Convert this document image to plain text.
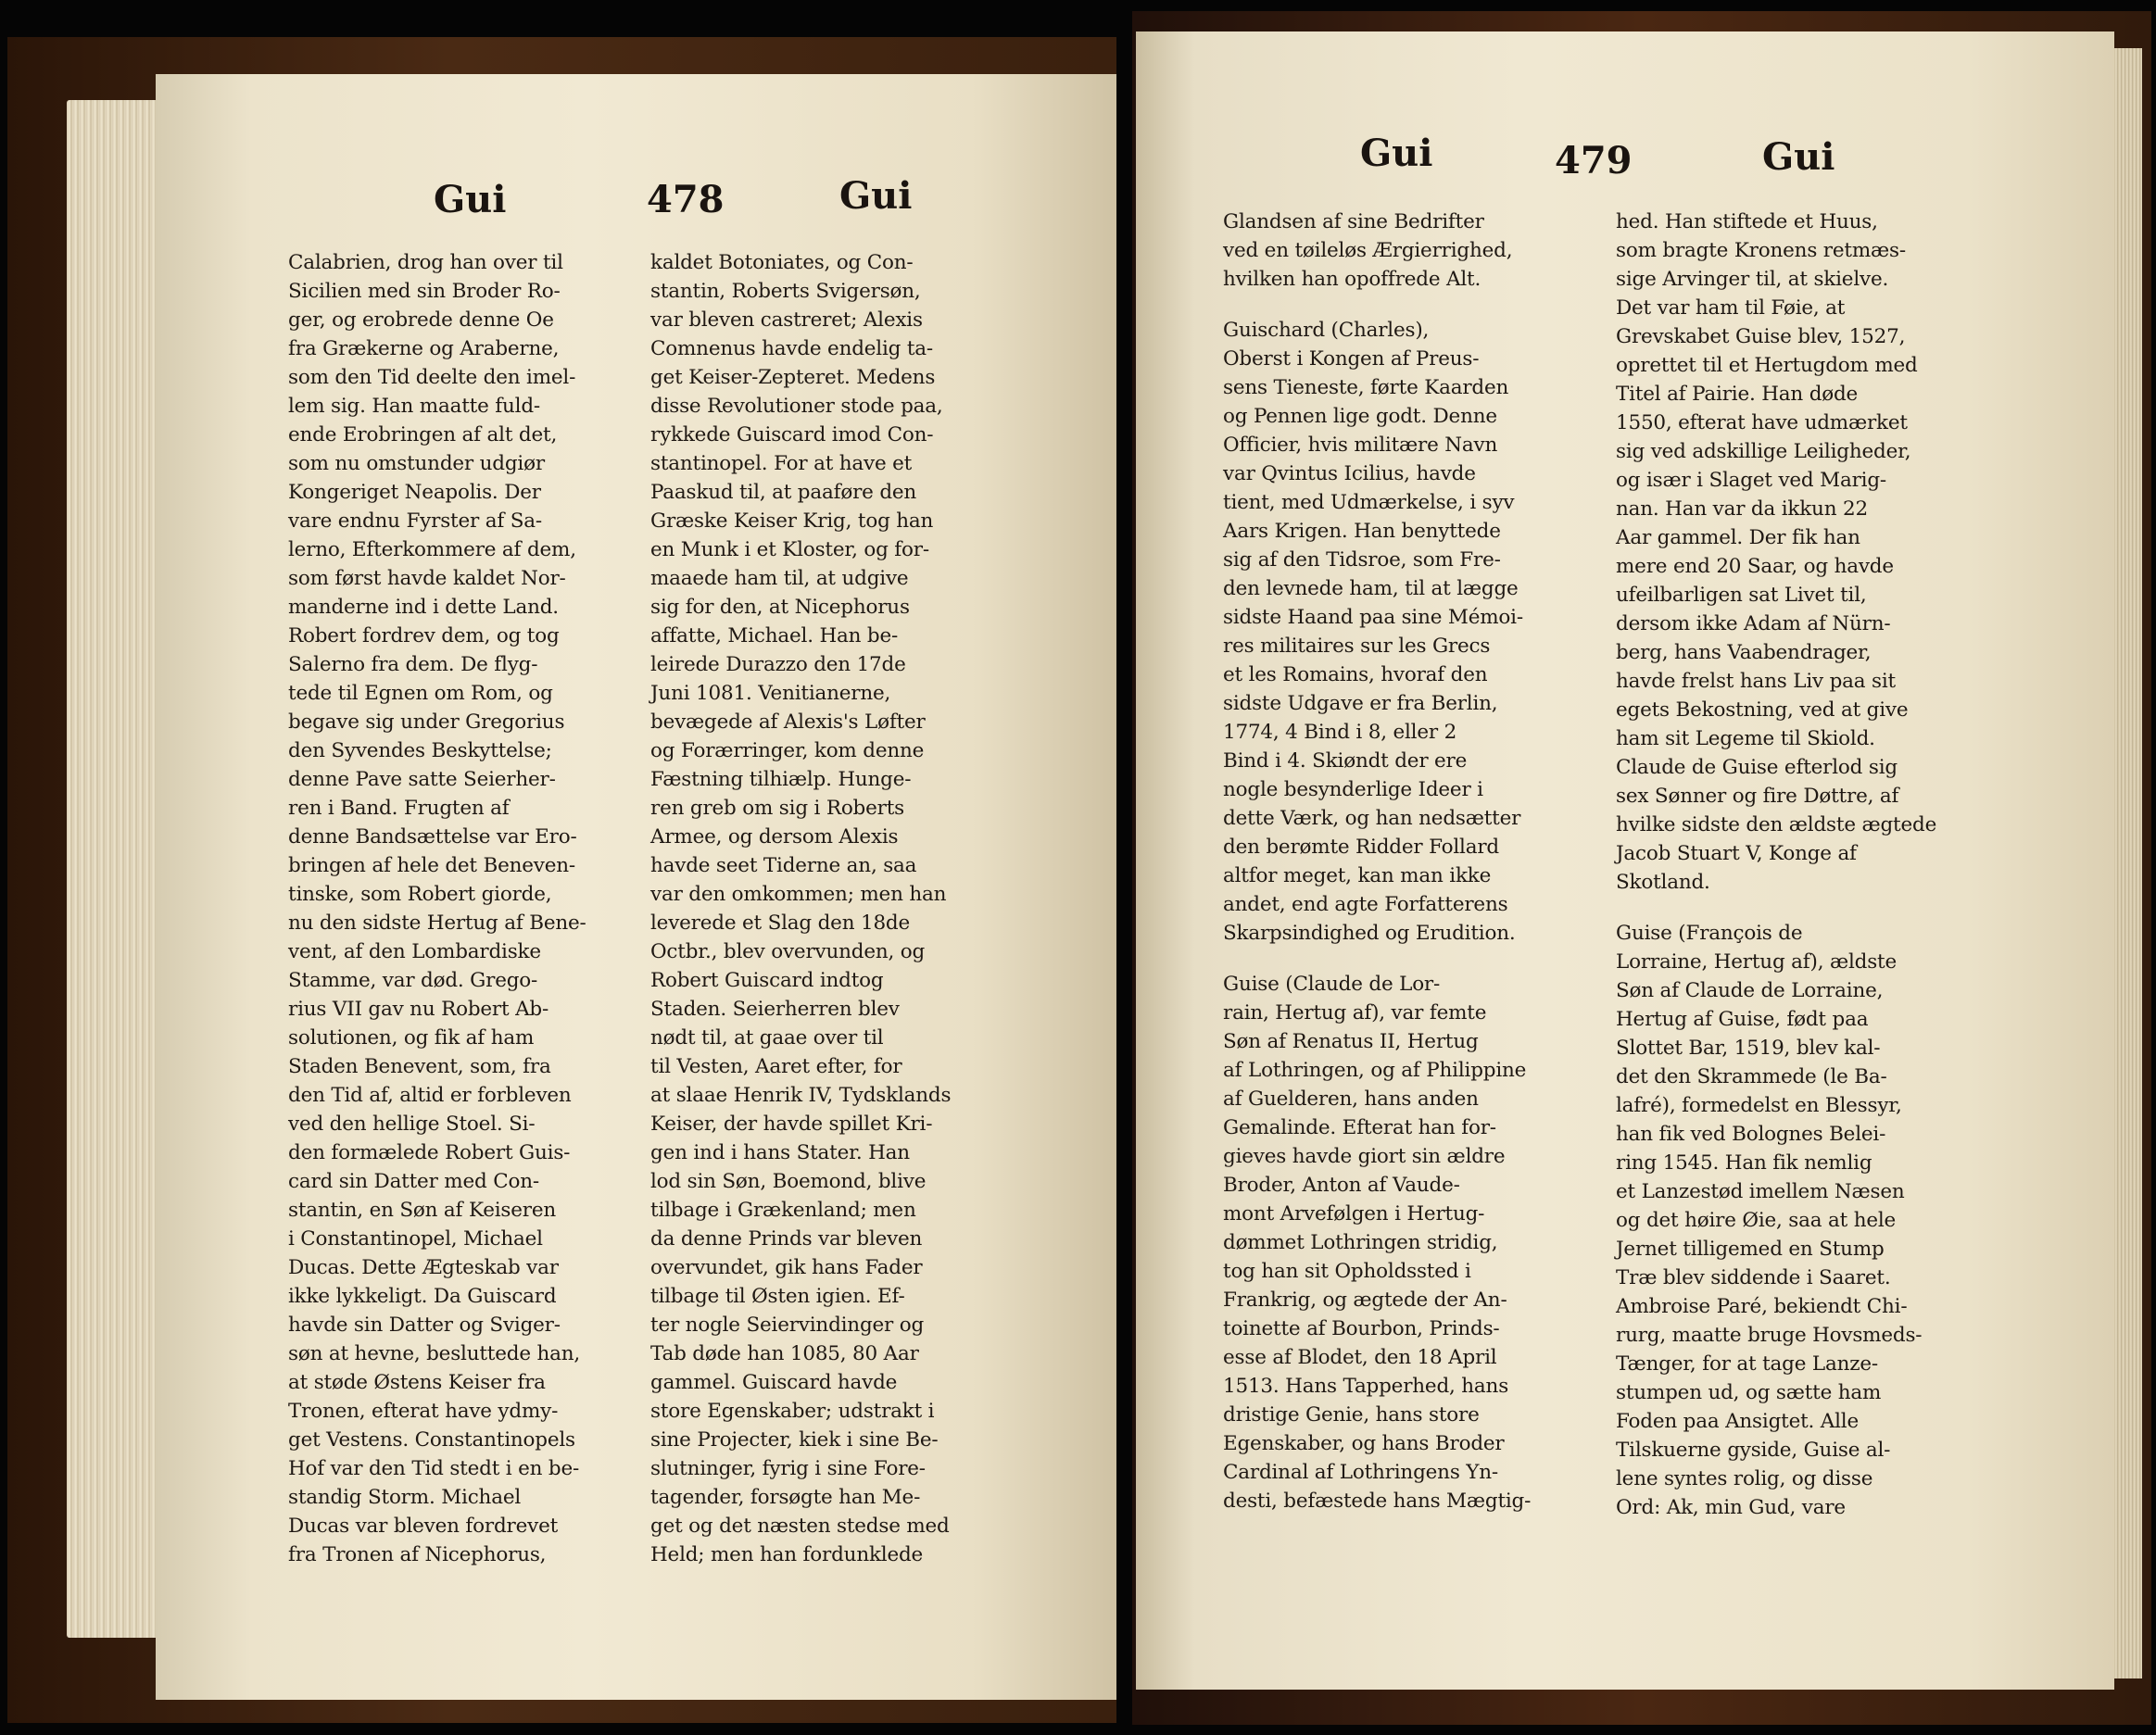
Gui	478	Gui

Calabrien, drog han over til

Sicilien med sin Broder Ro-

ger, og erobrede denne Oe

fra Grækerne og Araberne,

som den Tid deelte den imel-

lem sig. Han maatte fuld-

ende Erobringen af alt det,

som nu omstunder udgiør

Kongeriget Neapolis. Der

vare endnu Fyrster af Sa-

lerno, Efterkommere af dem,

som først havde kaldet Nor-

manderne ind i dette Land.

Robert fordrev dem, og tog

Salerno fra dem. De flyg-

tede til Egnen om Rom, og

begave sig under Gregorius

den Syvendes Beskyttelse;

denne Pave satte Seierher-

ren i Band. Frugten af

denne Bandsættelse var Ero-

bringen af hele det Beneven-

tinske, som Robert giorde,

nu den sidste Hertug af Bene-

vent, af den Lombardiske

Stamme, var død. Grego-

rius VII gav nu Robert Ab-

solutionen, og fik af ham

Staden Benevent, som, fra

den Tid af, altid er forbleven

ved den hellige Stoel. Si-

den formælede Robert Guis-

card sin Datter med Con-

stantin, en Søn af Keiseren

i Constantinopel, Michael

Ducas. Dette Ægteskab var

ikke lykkeligt. Da Guiscard

havde sin Datter og Sviger-

søn at hevne, besluttede han,

at støde Østens Keiser fra

Tronen, efterat have ydmy-

get Vestens. Constantinopels

Hof var den Tid stedt i en be-

standig Storm. Michael

Ducas var bleven fordrevet

fra Tronen af Nicephorus,

kaldet Botoniates, og Con-

stantin, Roberts Svigersøn,

var bleven castreret; Alexis

Comnenus havde endelig ta-

get Keiser-Zepteret. Medens

disse Revolutioner stode paa,

rykkede Guiscard imod Con-

stantinopel. For at have et

Paaskud til, at paaføre den

Græske Keiser Krig, tog han

en Munk i et Kloster, og for-

maaede ham til, at udgive

sig for den, at Nicephorus

affatte, Michael. Han be-

leirede Durazzo den 17de

Juni 1081. Venitianerne,

bevægede af Alexis's Løfter

og Forærringer, kom denne

Fæstning tilhiælp. Hunge-

ren greb om sig i Roberts

Armee, og dersom Alexis

havde seet Tiderne an, saa

var den omkommen; men han

leverede et Slag den 18de

Octbr., blev overvunden, og

Robert Guiscard indtog

Staden. Seierherren blev

nødt til, at gaae over til

til Vesten, Aaret efter, for

at slaae Henrik IV, Tydsklands

Keiser, der havde spillet Kri-

gen ind i hans Stater. Han

lod sin Søn, Boemond, blive

tilbage i Grækenland; men

da denne Prinds var bleven

overvundet, gik hans Fader

tilbage til Østen igien. Ef-

ter nogle Seiervindinger og

Tab døde han 1085, 80 Aar

gammel. Guiscard havde

store Egenskaber; udstrakt i

sine Projecter, kiek i sine Be-

slutninger, fyrig i sine Fore-

tagender, forsøgte han Me-

get og det næsten stedse med

Held; men han fordunklede

Gui	479	Gui

Glandsen af sine Bedrifter

ved en tøileløs Ærgierrighed,

hvilken han opoffrede Alt.

Guischard (Charles),

Oberst i Kongen af Preus-

sens Tieneste, førte Kaarden

og Pennen lige godt. Denne

Officier, hvis militære Navn

var Qvintus Icilius, havde

tient, med Udmærkelse, i syv

Aars Krigen. Han benyttede

sig af den Tidsroe, som Fre-

den levnede ham, til at lægge

sidste Haand paa sine Mémoi-

res militaires sur les Grecs

et les Romains, hvoraf den

sidste Udgave er fra Berlin,

1774, 4 Bind i 8, eller 2

Bind i 4. Skiøndt der ere

nogle besynderlige Ideer i

dette Værk, og han nedsætter

den berømte Ridder Follard

altfor meget, kan man ikke

andet, end agte Forfatterens

Skarpsindighed og Erudition.

Guise (Claude de Lor-

rain, Hertug af), var femte

Søn af Renatus II, Hertug

af Lothringen, og af Philippine

af Guelderen, hans anden

Gemalinde. Efterat han for-

gieves havde giort sin ældre

Broder, Anton af Vaude-

mont Arvefølgen i Hertug-

dømmet Lothringen stridig,

tog han sit Opholdssted i

Frankrig, og ægtede der An-

toinette af Bourbon, Prinds-

esse af Blodet, den 18 April

1513. Hans Tapperhed, hans

dristige Genie, hans store

Egenskaber, og hans Broder

Cardinal af Lothringens Yn-

desti, befæstede hans Mægtig-

hed. Han stiftede et Huus,

som bragte Kronens retmæs-

sige Arvinger til, at skielve.

Det var ham til Føie, at

Grevskabet Guise blev, 1527,

oprettet til et Hertugdom med

Titel af Pairie. Han døde

1550, efterat have udmærket

sig ved adskillige Leiligheder,

og især i Slaget ved Marig-

nan. Han var da ikkun 22

Aar gammel. Der fik han

mere end 20 Saar, og havde

ufeilbarligen sat Livet til,

dersom ikke Adam af Nürn-

berg, hans Vaabendrager,

havde frelst hans Liv paa sit

egets Bekostning, ved at give

ham sit Legeme til Skiold.

Claude de Guise efterlod sig

sex Sønner og fire Døttre, af

hvilke sidste den ældste ægtede

Jacob Stuart V, Konge af

Skotland.

Guise (François de

Lorraine, Hertug af), ældste

Søn af Claude de Lorraine,

Hertug af Guise, født paa

Slottet Bar, 1519, blev kal-

det den Skrammede (le Ba-

lafré), formedelst en Blessyr,

han fik ved Bolognes Belei-

ring 1545. Han fik nemlig

et Lanzestød imellem Næsen

og det høire Øie, saa at hele

Jernet tilligemed en Stump

Træ blev siddende i Saaret.

Ambroise Paré, bekiendt Chi-

rurg, maatte bruge Hovsmeds-

Tænger, for at tage Lanze-

stumpen ud, og sætte ham

Foden paa Ansigtet. Alle

Tilskuerne gyside, Guise al-

lene syntes rolig, og disse

Ord: Ak, min Gud, vare
